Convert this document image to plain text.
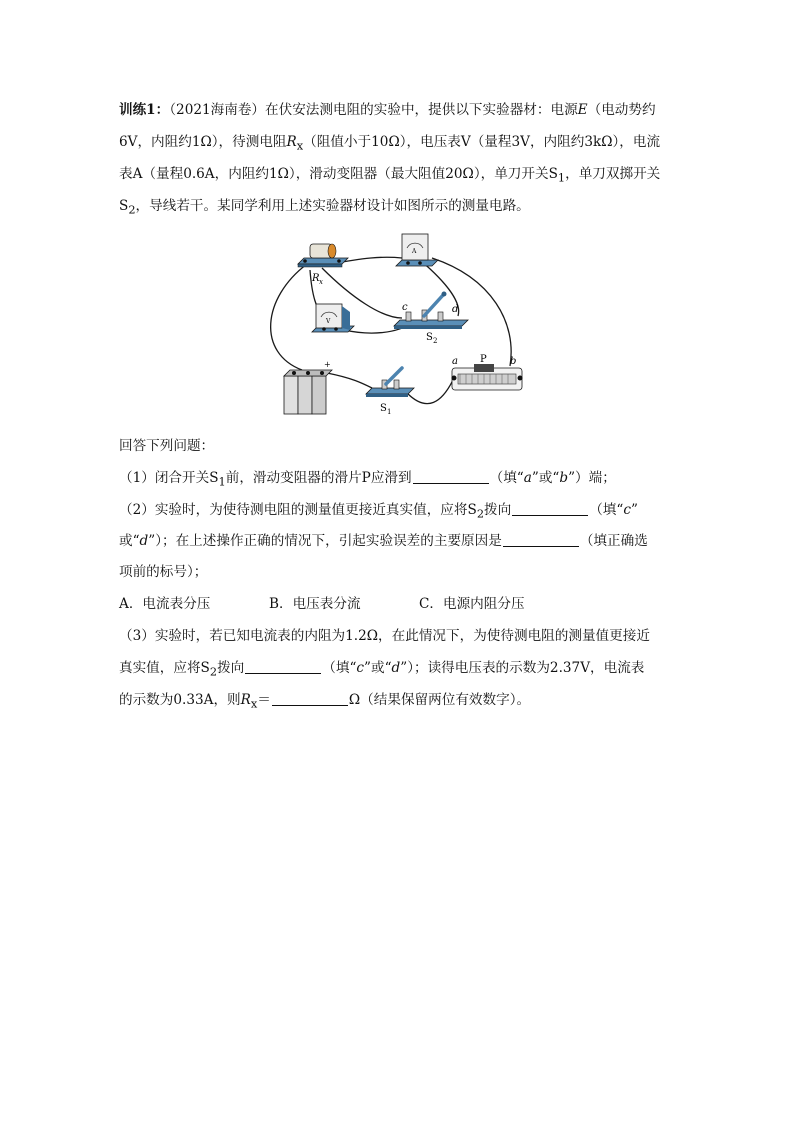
训练1：（2021海南卷）在伏安法测电阻的实验中，提供以下实验器材：电源E（电动势约
6V，内阻约1Ω），待测电阻$R_x$（阻值小于10Ω），电压表V（量程3V，内阻约3kΩ），电流
表A（量程0.6A，内阻约1Ω），滑动变阻器（最大阻值20Ω），单刀开关$S_1$，单刀双掷开关
$S_2$，导线若干。某同学利用上述实验器材设计如图所示的测量电路。
R x
A
V
c	d
S 2
+
S 1
a P b
回答下列问题：
（1）闭合开关$S_1$前，滑动变阻器的滑片P应滑到	（填“a”或“b”）端；
（2）实验时，为使待测电阻的测量值更接近真实值，应将$S_2$拨向	（填“c”
或“d”）；在上述操作正确的情况下，引起实验误差的主要原因是	（填正确选
项前的标号）；
A．电流表分压	B．电压表分流	C．电源内阻分压
（3）实验时，若已知电流表的内阻为1.2Ω，在此情况下，为使待测电阻的测量值更接近
真实值，应将$S_2$拨向	（填“c”或“d”）；读得电压表的示数为2.37V，电流表
的示数为0.33A，则$R_x=$	Ω（结果保留两位有效数字）。
